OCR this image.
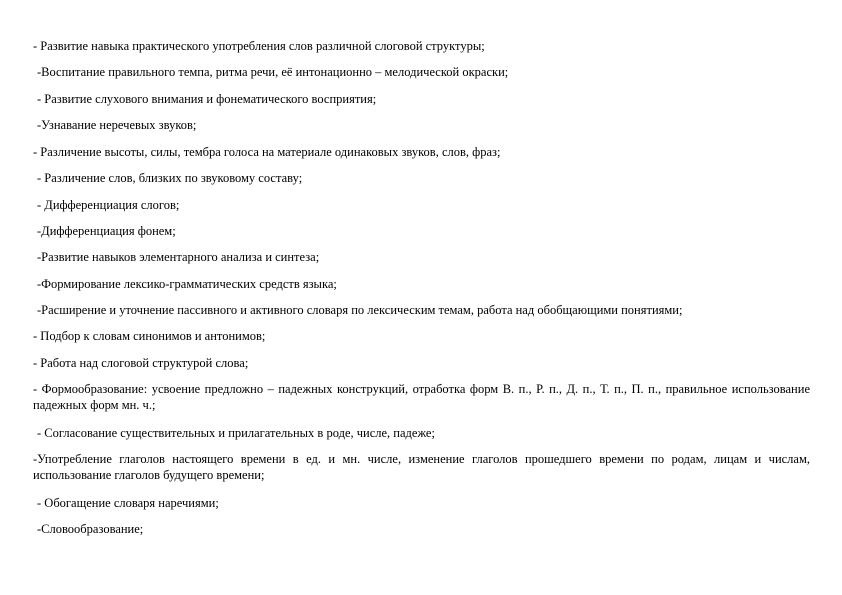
- Развитие навыка практического употребления слов различной слоговой структуры;
-Воспитание правильного темпа, ритма речи, её интонационно – мелодической окраски;
- Развитие слухового внимания и фонематического восприятия;
-Узнавание неречевых звуков;
- Различение высоты, силы, тембра голоса на материале одинаковых звуков, слов, фраз;
- Различение слов, близких по звуковому составу;
- Дифференциация слогов;
-Дифференциация фонем;
-Развитие навыков элементарного анализа и синтеза;
-Формирование лексико-грамматических средств языка;
-Расширение и уточнение пассивного и активного словаря по лексическим темам, работа над обобщающими понятиями;
- Подбор к словам синонимов и антонимов;
- Работа над слоговой структурой слова;
- Формообразование: усвоение предложно – падежных конструкций, отработка форм В. п., Р. п., Д. п., Т. п., П. п., правильное использование падежных форм мн. ч.;
- Согласование существительных и прилагательных в роде, числе, падеже;
-Употребление глаголов настоящего времени в ед. и мн. числе, изменение глаголов прошедшего времени по родам, лицам и числам, использование глаголов будущего времени;
- Обогащение словаря наречиями;
-Словообразование;
